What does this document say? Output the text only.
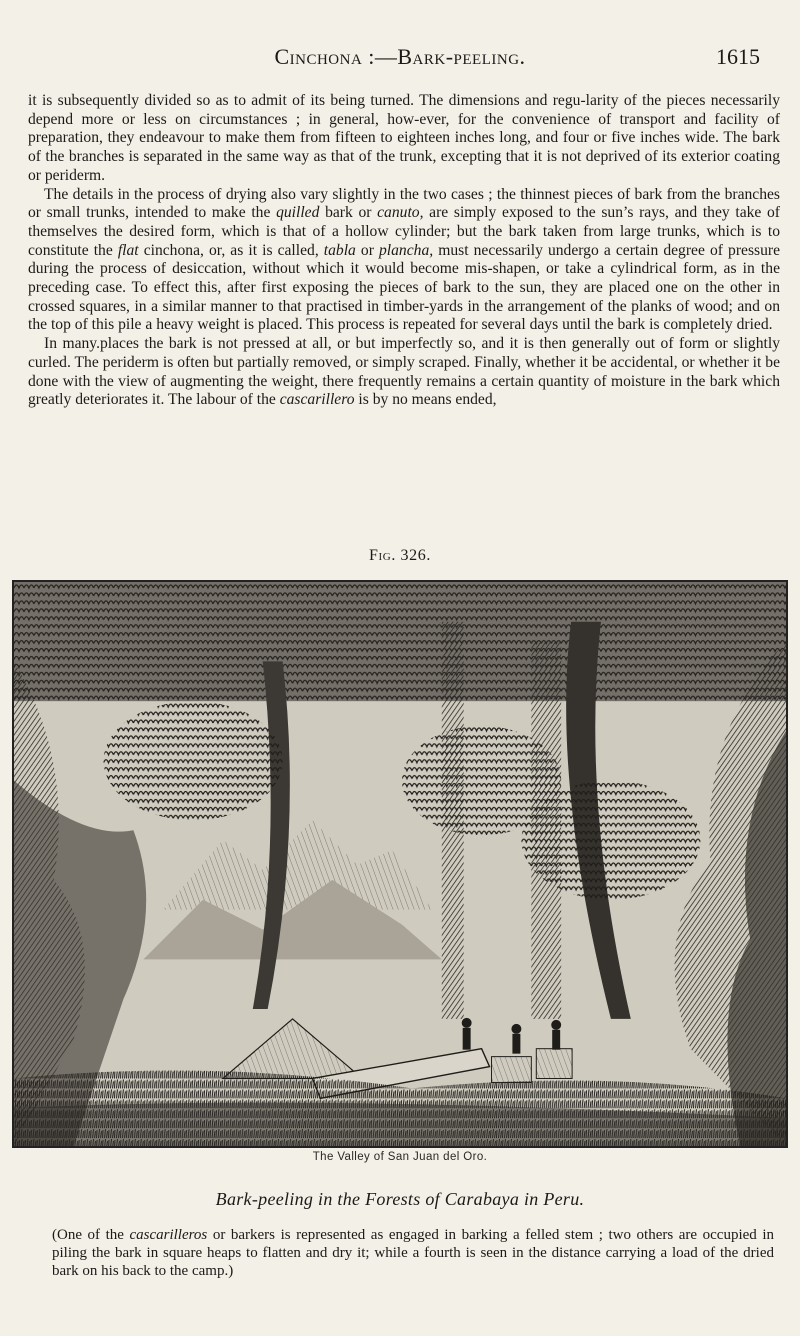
Cinchona :—Bark-peeling.	1615

it is subsequently divided so as to admit of its being turned. The dimensions and regu-larity of the pieces necessarily depend more or less on circumstances ; in general, how-ever, for the convenience of transport and facility of preparation, they endeavour to make them from fifteen to eighteen inches long, and four or five inches wide. The bark of the branches is separated in the same way as that of the trunk, excepting that it is not deprived of its exterior coating or periderm.

The details in the process of drying also vary slightly in the two cases ; the thinnest pieces of bark from the branches or small trunks, intended to make the quilled bark or canuto, are simply exposed to the sun’s rays, and they take of themselves the desired form, which is that of a hollow cylinder; but the bark taken from large trunks, which is to constitute the flat cinchona, or, as it is called, tabla or plancha, must necessarily undergo a certain degree of pressure during the process of desiccation, without which it would become mis-shapen, or take a cylindrical form, as in the preceding case. To effect this, after first exposing the pieces of bark to the sun, they are placed one on the other in crossed squares, in a similar manner to that practised in timber-yards in the arrangement of the planks of wood; and on the top of this pile a heavy weight is placed. This process is repeated for several days until the bark is completely dried.

In many.places the bark is not pressed at all, or but imperfectly so, and it is then generally out of form or slightly curled. The periderm is often but partially removed, or simply scraped. Finally, whether it be accidental, or whether it be done with the view of augmenting the weight, there frequently remains a certain quantity of moisture in the bark which greatly deteriorates it. The labour of the cascarillero is by no means ended,

Fig. 326.
The Valley of San Juan del Oro.
Bark-peeling in the Forests of Carabaya in Peru.
(One of the cascarilleros or barkers is represented as engaged in barking a felled stem ; two others are occupied in piling the bark in square heaps to flatten and dry it; while a fourth is seen in the distance carrying a load of the dried bark on his back to the camp.)
